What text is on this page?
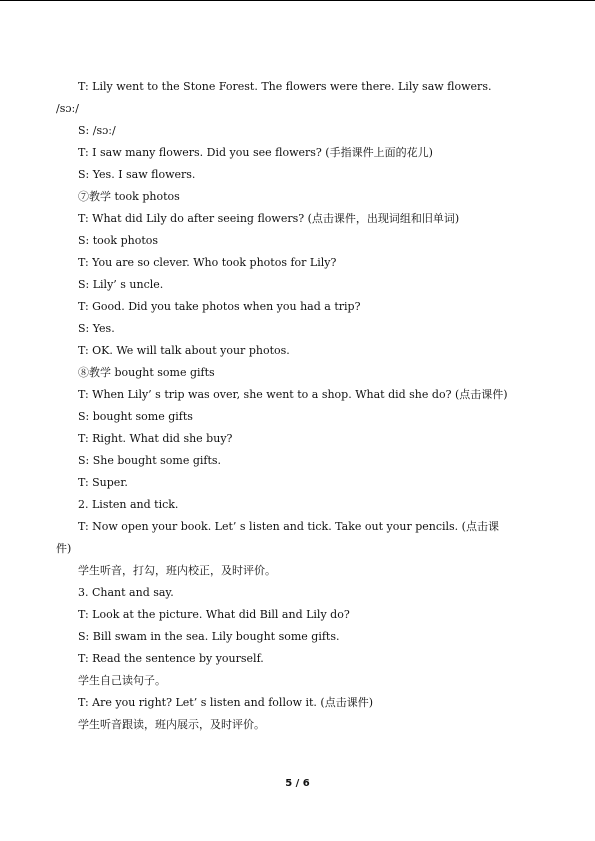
T: Lily went to the Stone Forest. The flowers were there. Lily saw flowers.
/sɔː/
S: /sɔː/
T: I saw many flowers. Did you see flowers? (手指课件上面的花儿)
S: Yes. I saw flowers.
⑦教学 took photos
T: What did Lily do after seeing flowers? (点击课件，出现词组和旧单词)
S: took photos
T: You are so clever. Who took photos for Lily?
S: Lily’ s uncle.
T: Good. Did you take photos when you had a trip?
S: Yes.
T: OK. We will talk about your photos.
⑧教学 bought some gifts
T: When Lily’ s trip was over, she went to a shop. What did she do? (点击课件)
S: bought some gifts
T: Right. What did she buy?
S: She bought some gifts.
T: Super.
2. Listen and tick.
T: Now open your book. Let’ s listen and tick. Take out your pencils. (点击课
件)
学生听音，打勾，班内校正，及时评价。
3. Chant and say.
T: Look at the picture. What did Bill and Lily do?
S: Bill swam in the sea. Lily bought some gifts.
T: Read the sentence by yourself.
学生自己读句子。
T: Are you right? Let’ s listen and follow it. (点击课件)
学生听音跟读，班内展示，及时评价。
5 / 6
